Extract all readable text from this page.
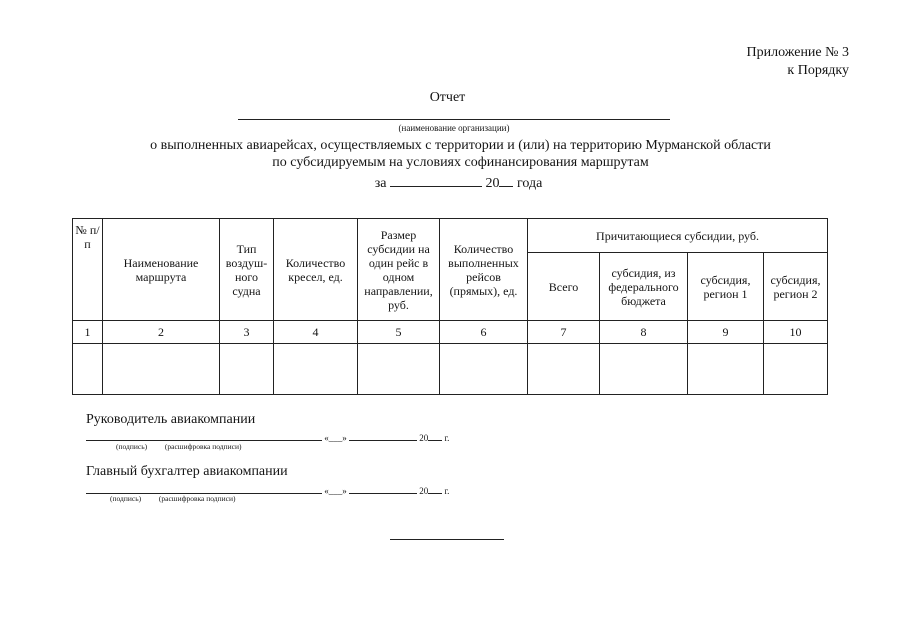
Приложение № 3
к Порядку
Отчет
(наименование организации)
о выполненных авиарейсах, осуществляемых с территории и (или) на территорию Мурманской области
по субсидируемым на условиях софинансирования маршрутам
за	20 года
№ п/п	Наименование маршрута	Тип воздуш-ного судна	Количество кресел, ед.	Размер субсидии на один рейс в одном направлении, руб.	Количество выполненных рейсов (прямых), ед.	Причитающиеся субсидии, руб.			
						Всего	субсидия, из федерального бюджета	субсидия, регион 1	субсидия, регион 2
1	2	3	4	5	6	7	8	9	10

Руководитель авиакомпании
«___»	20 г.
(подпись) (расшифровка подписи)
Главный бухгалтер авиакомпании
«___»	20 г.
(подпись) (расшифровка подписи)
